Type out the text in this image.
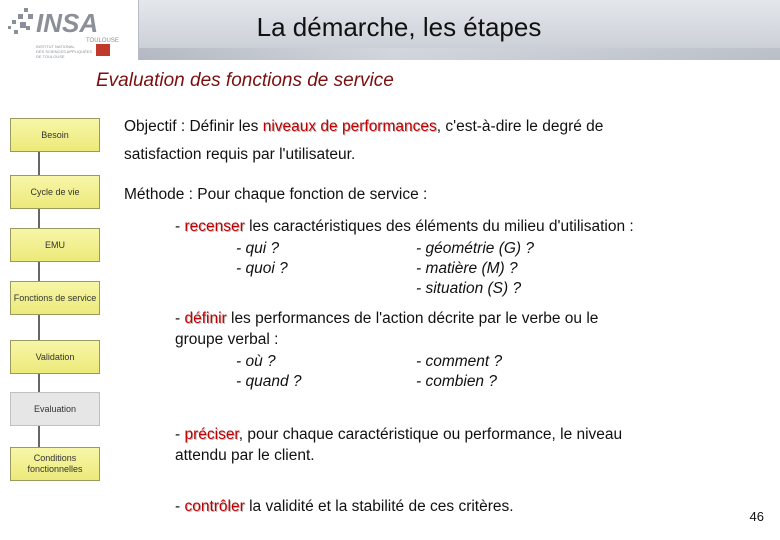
INSA
TOULOUSE
INSTITUT NATIONAL
DES SCIENCES APPLIQUÉES
DE TOULOUSE
La démarche, les étapes
Evaluation des fonctions de service
Besoin
Cycle de vie
EMU
Fonctions de service
Validation
Evaluation
Conditions fonctionnelles
Objectif : Définir les niveaux de performances, c'est-à-dire le degré de
satisfaction requis par l'utilisateur.
Méthode : Pour chaque fonction de service :
- recenser les caractéristiques des éléments du milieu d'utilisation :
- qui ?
- quoi ?
- géométrie (G) ?
- matière (M) ?
- situation (S) ?
- définir les performances de l'action décrite par le verbe ou le
groupe verbal :
- où ?
- quand ?
- comment ?
- combien ?
- préciser, pour chaque caractéristique ou performance, le niveau
attendu par le client.
- contrôler la validité et la stabilité de ces critères.
46
